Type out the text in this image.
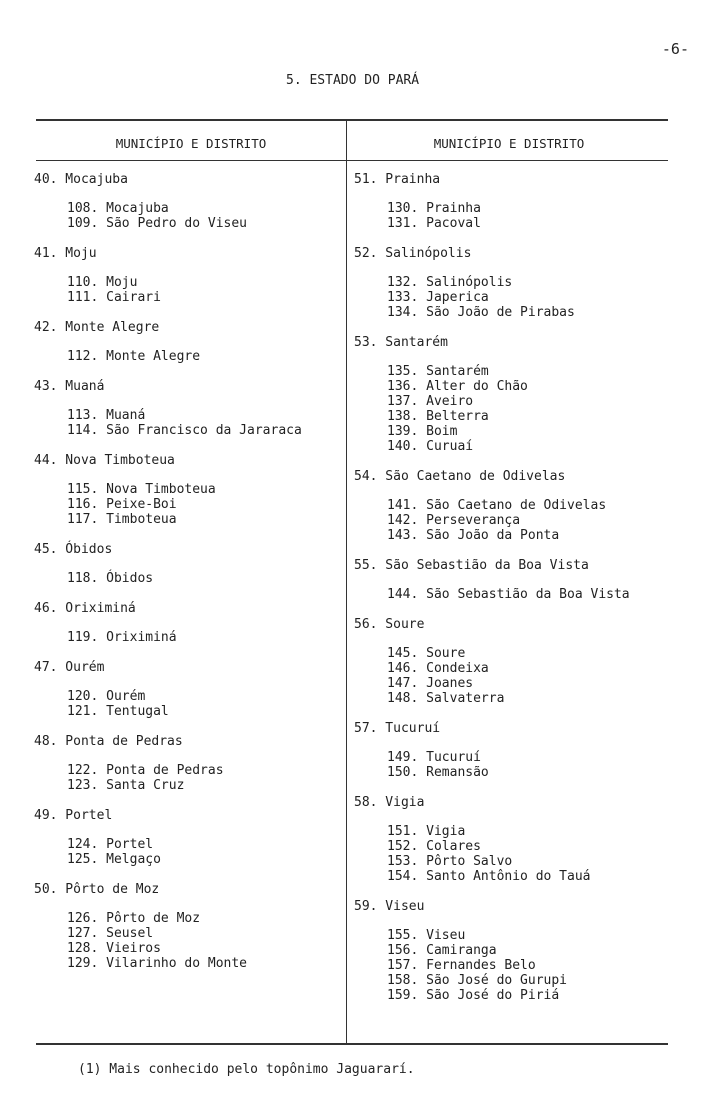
-6-
5. ESTADO DO PARÁ
MUNICÍPIO E DISTRITO	MUNICÍPIO E DISTRITO
40. Mocajuba
108. Mocajuba
109. São Pedro do Viseu
41. Moju
110. Moju
111. Cairari
42. Monte Alegre
112. Monte Alegre
43. Muaná
113. Muaná
114. São Francisco da Jararaca
44. Nova Timboteua
115. Nova Timboteua
116. Peixe-Boi
117. Timboteua
45. Óbidos
118. Óbidos
46. Oriximiná
119. Oriximiná
47. Ourém
120. Ourém
121. Tentugal
48. Ponta de Pedras
122. Ponta de Pedras
123. Santa Cruz
49. Portel
124. Portel
125. Melgaço
50. Pôrto de Moz
126. Pôrto de Moz
127. Seusel
128. Vieiros
129. Vilarinho do Monte
51. Prainha
130. Prainha
131. Pacoval
52. Salinópolis
132. Salinópolis
133. Japerica
134. São João de Pirabas
53. Santarém
135. Santarém
136. Alter do Chão
137. Aveiro
138. Belterra
139. Boim
140. Curuaí
54. São Caetano de Odivelas
141. São Caetano de Odivelas
142. Perseverança
143. São João da Ponta
55. São Sebastião da Boa Vista
144. São Sebastião da Boa Vista
56. Soure
145. Soure
146. Condeixa
147. Joanes
148. Salvaterra
57. Tucuruí
149. Tucuruí
150. Remansão
58. Vigia
151. Vigia
152. Colares
153. Pôrto Salvo
154. Santo Antônio do Tauá
59. Viseu
155. Viseu
156. Camiranga
157. Fernandes Belo
158. São José do Gurupi
159. São José do Piriá
(1) Mais conhecido pelo topônimo Jaguararí.
